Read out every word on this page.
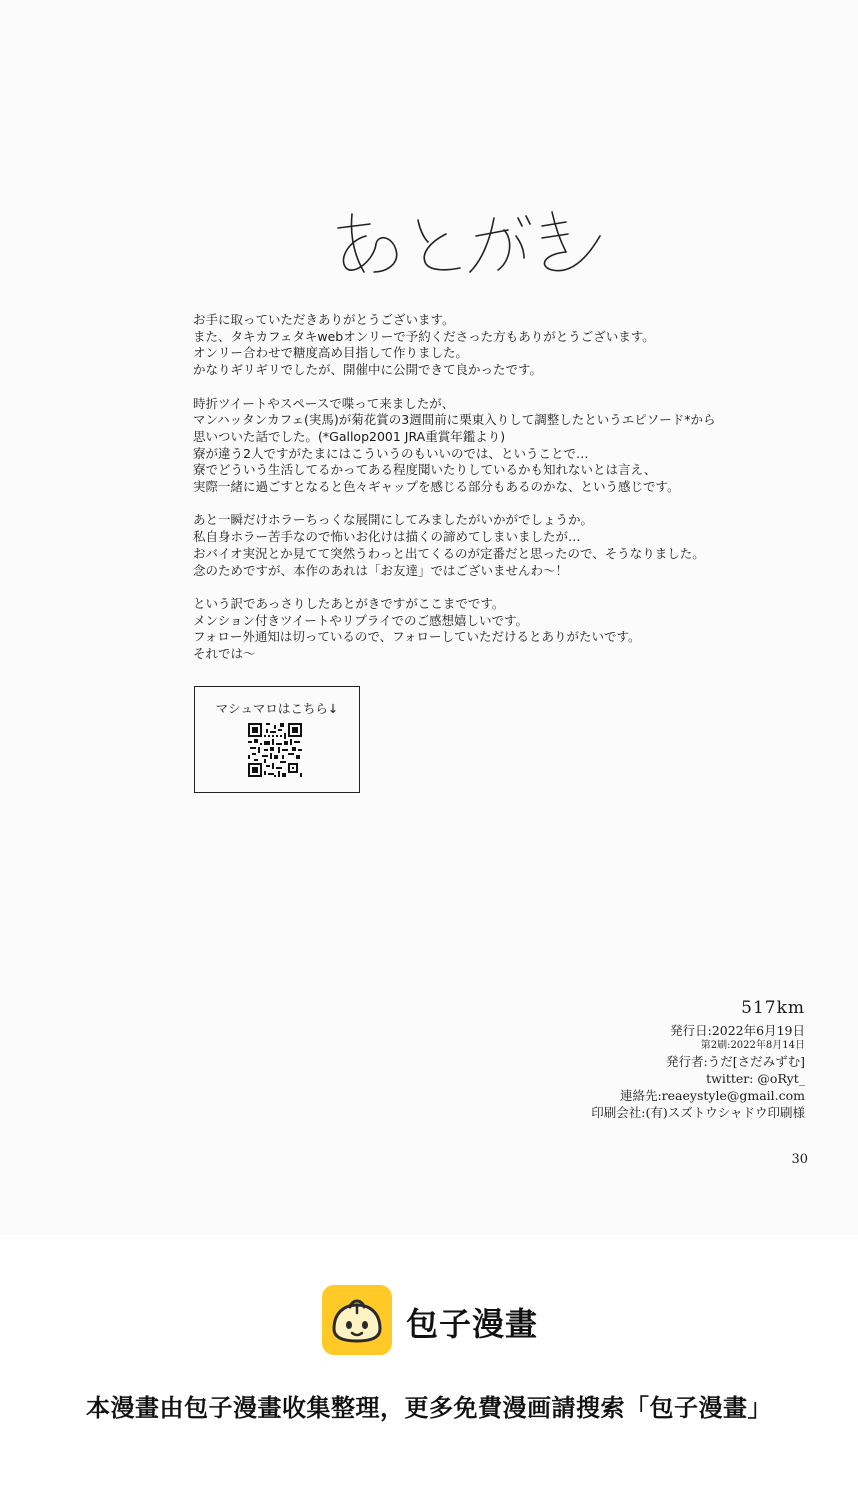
お手に取っていただきありがとうございます。
また、タキカフェタキwebオンリーで予約くださった方もありがとうございます。
オンリー合わせで糖度高め目指して作りました。
かなりギリギリでしたが、開催中に公開できて良かったです。
時折ツイートやスペースで喋って来ましたが、
マンハッタンカフェ(実馬)が菊花賞の3週間前に栗東入りして調整したというエピソード*から
思いついた話でした。(*Gallop2001 JRA重賞年鑑より)
寮が違う2人ですがたまにはこういうのもいいのでは、ということで…
寮でどういう生活してるかってある程度聞いたりしているかも知れないとは言え、
実際一緒に過ごすとなると色々ギャップを感じる部分もあるのかな、という感じです。
あと一瞬だけホラーちっくな展開にしてみましたがいかがでしょうか。
私自身ホラー苦手なので怖いお化けは描くの諦めてしまいましたが…
おバイオ実況とか見てて突然うわっと出てくるのが定番だと思ったので、そうなりました。
念のためですが、本作のあれは「お友達」ではございませんわ～！
という訳であっさりしたあとがきですがここまでです。
メンション付きツイートやリプライでのご感想嬉しいです。
フォロー外通知は切っているので、フォローしていただけるとありがたいです。
それでは〜
マシュマロはこちら↓
517km
発行日:2022年6月19日
第2刷:2022年8月14日
発行者:うだ[さだみずむ]
twitter: @oRyt_
連絡先:reaeystyle@gmail.com
印刷会社:(有)スズトウシャドウ印刷様
30
包子漫畫
本漫畫由包子漫畫收集整理，更多免費漫画請搜索「包子漫畫」
